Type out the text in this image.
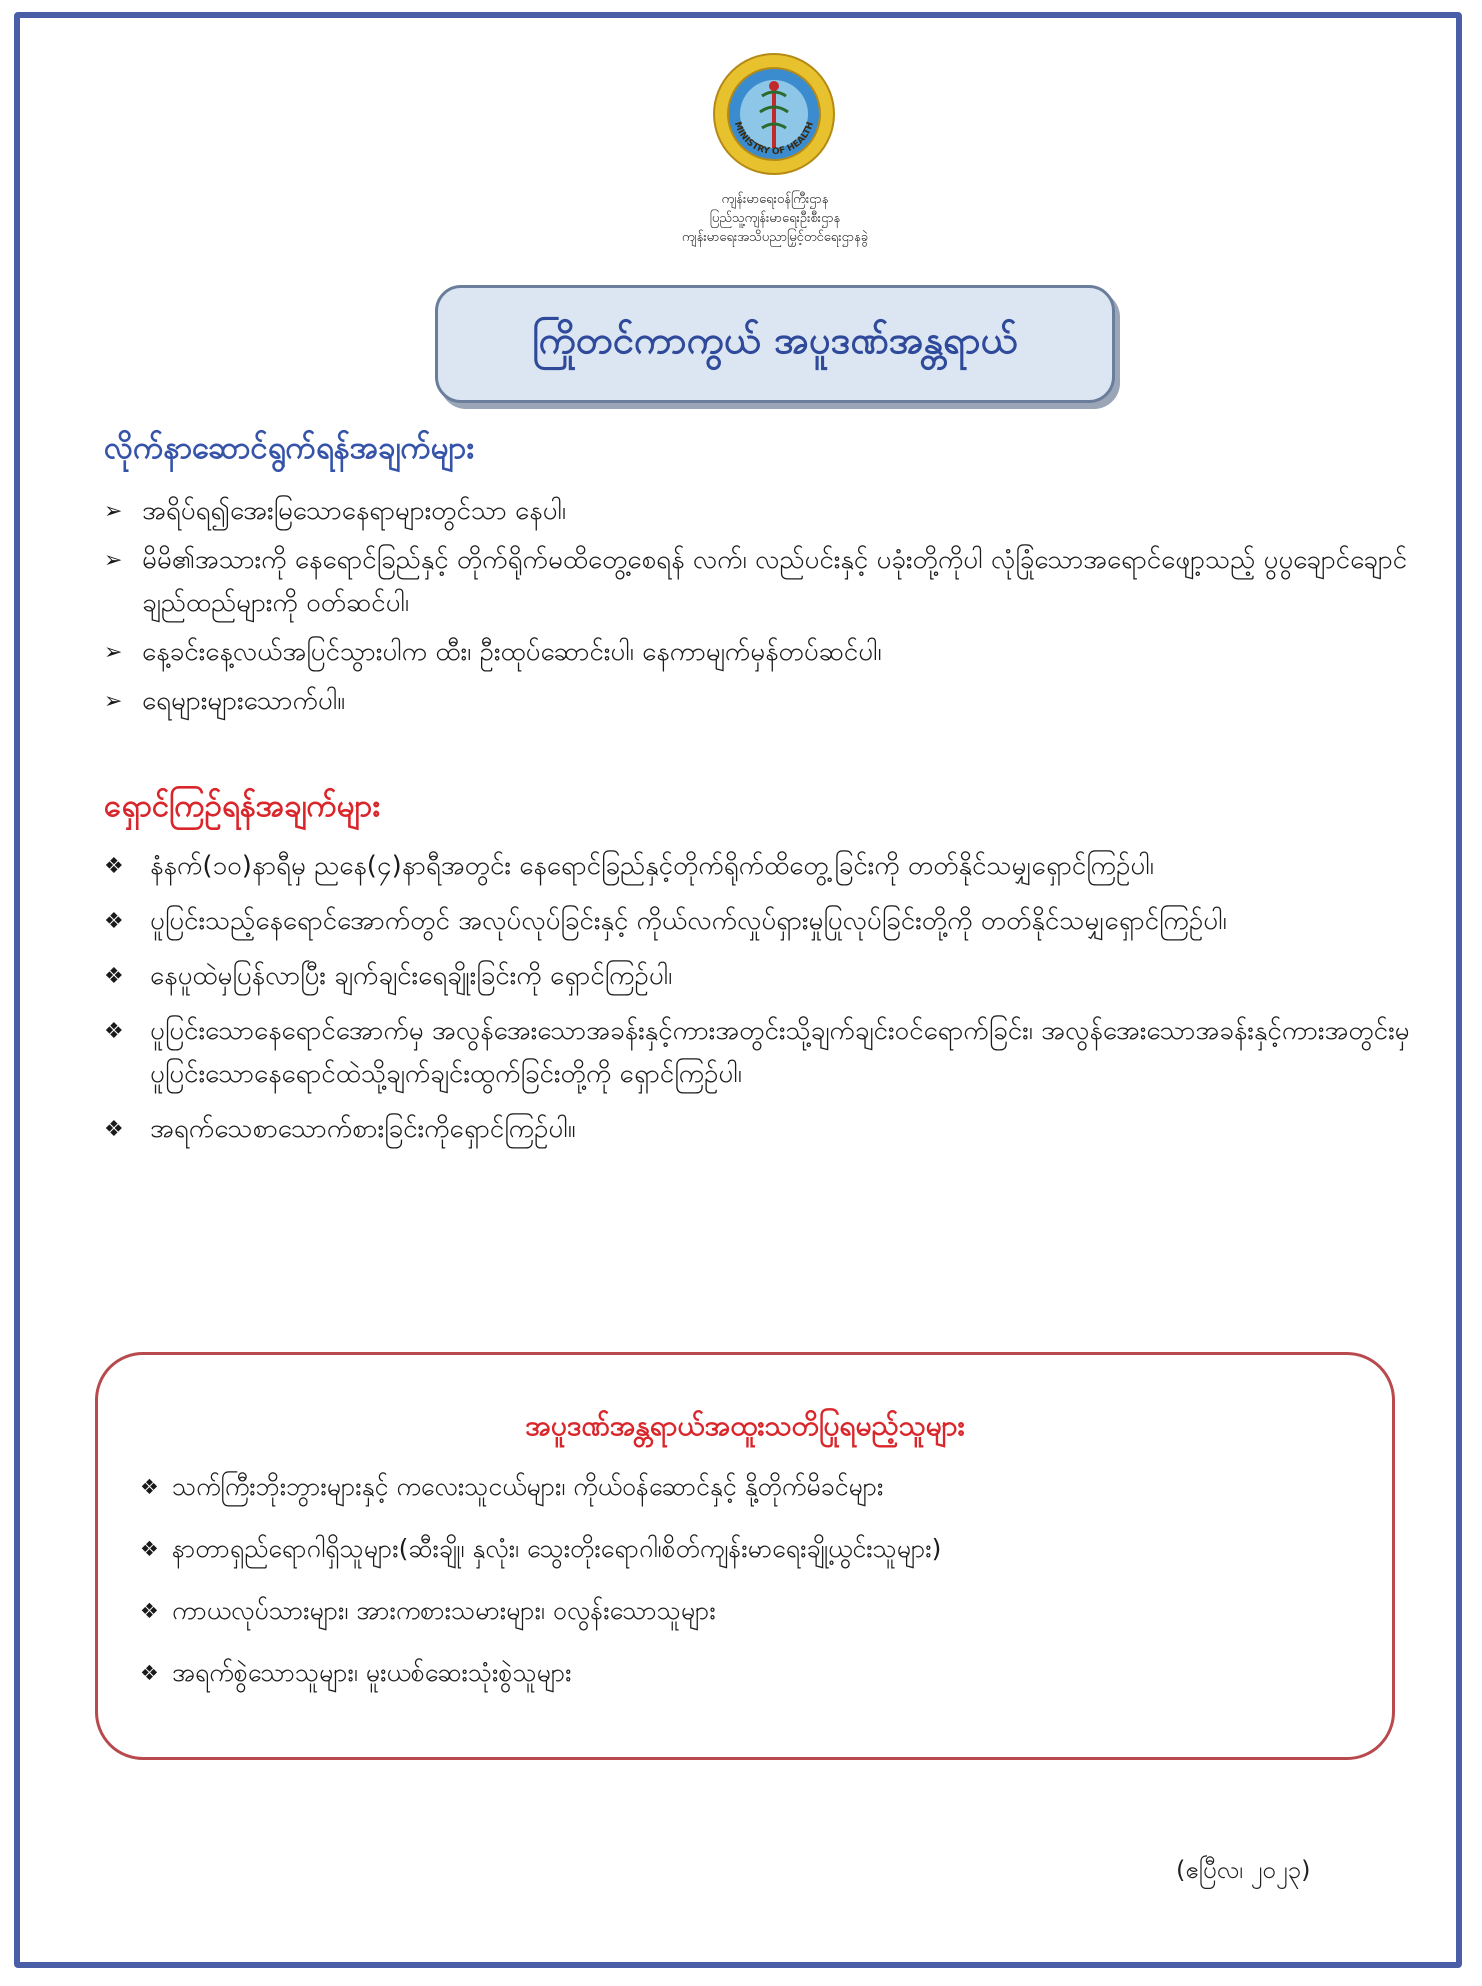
MINISTRY OF HEALTH
ကျန်းမာရေးဝန်ကြီးဌာန
ပြည်သူ့ကျန်းမာရေးဦးစီးဌာန
ကျန်းမာရေးအသိပညာမြှင့်တင်ရေးဌာနခွဲ
ကြိုတင်ကာကွယ် အပူဒဏ်အန္တရာယ်
လိုက်နာဆောင်ရွက်ရန်အချက်များ
➢ အရိပ်ရ၍အေးမြသောနေရာများတွင်သာ နေပါ၊
➢ မိမိ၏အသားကို နေရောင်ခြည်နှင့် တိုက်ရိုက်မထိတွေ့စေရန် လက်၊ လည်ပင်းနှင့် ပခုံးတို့ကိုပါ လုံခြုံသောအရောင်ဖျော့သည့် ပွပွချောင်ချောင်ချည်ထည်များကို ဝတ်ဆင်ပါ၊
➢ နေ့ခင်းနေ့လယ်အပြင်သွားပါက ထီး၊ ဦးထုပ်ဆောင်းပါ၊ နေကာမျက်မှန်တပ်ဆင်ပါ၊
➢ ရေများများသောက်ပါ။
ရှောင်ကြဉ်ရန်အချက်များ
❖ နံနက်(၁၀)နာရီမှ ညနေ(၄)နာရီအတွင်း နေရောင်ခြည်နှင့်တိုက်ရိုက်ထိတွေ့ခြင်းကို တတ်နိုင်သမျှရှောင်ကြဉ်ပါ၊
❖ ပူပြင်းသည့်နေရောင်အောက်တွင် အလုပ်လုပ်ခြင်းနှင့် ကိုယ်လက်လှုပ်ရှားမှုပြုလုပ်ခြင်းတို့ကို တတ်နိုင်သမျှရှောင်ကြဉ်ပါ၊
❖ နေပူထဲမှပြန်လာပြီး ချက်ချင်းရေချိုးခြင်းကို ရှောင်ကြဉ်ပါ၊
❖ ပူပြင်းသောနေရောင်အောက်မှ အလွန်အေးသောအခန်းနှင့်ကားအတွင်းသို့ချက်ချင်းဝင်ရောက်ခြင်း၊ အလွန်အေးသောအခန်းနှင့်ကားအတွင်းမှပူပြင်းသောနေရောင်ထဲသို့ချက်ချင်းထွက်ခြင်းတို့ကို ရှောင်ကြဉ်ပါ၊
❖ အရက်သေစာသောက်စားခြင်းကိုရှောင်ကြဉ်ပါ။
အပူဒဏ်အန္တရာယ်အထူးသတိပြုရမည့်သူများ
❖ သက်ကြီးဘိုးဘွားများနှင့် ကလေးသူငယ်များ၊ ကိုယ်ဝန်ဆောင်နှင့် နို့တိုက်မိခင်များ
❖ နာတာရှည်ရောဂါရှိသူများ(ဆီးချို၊ နှလုံး၊ သွေးတိုးရောဂါ၊စိတ်ကျန်းမာရေးချို့ယွင်းသူများ)
❖ ကာယလုပ်သားများ၊ အားကစားသမားများ၊ ဝလွန်းသောသူများ
❖ အရက်စွဲသောသူများ၊ မူးယစ်ဆေးသုံးစွဲသူများ
(ဧပြီလ၊ ၂၀၂၃)
